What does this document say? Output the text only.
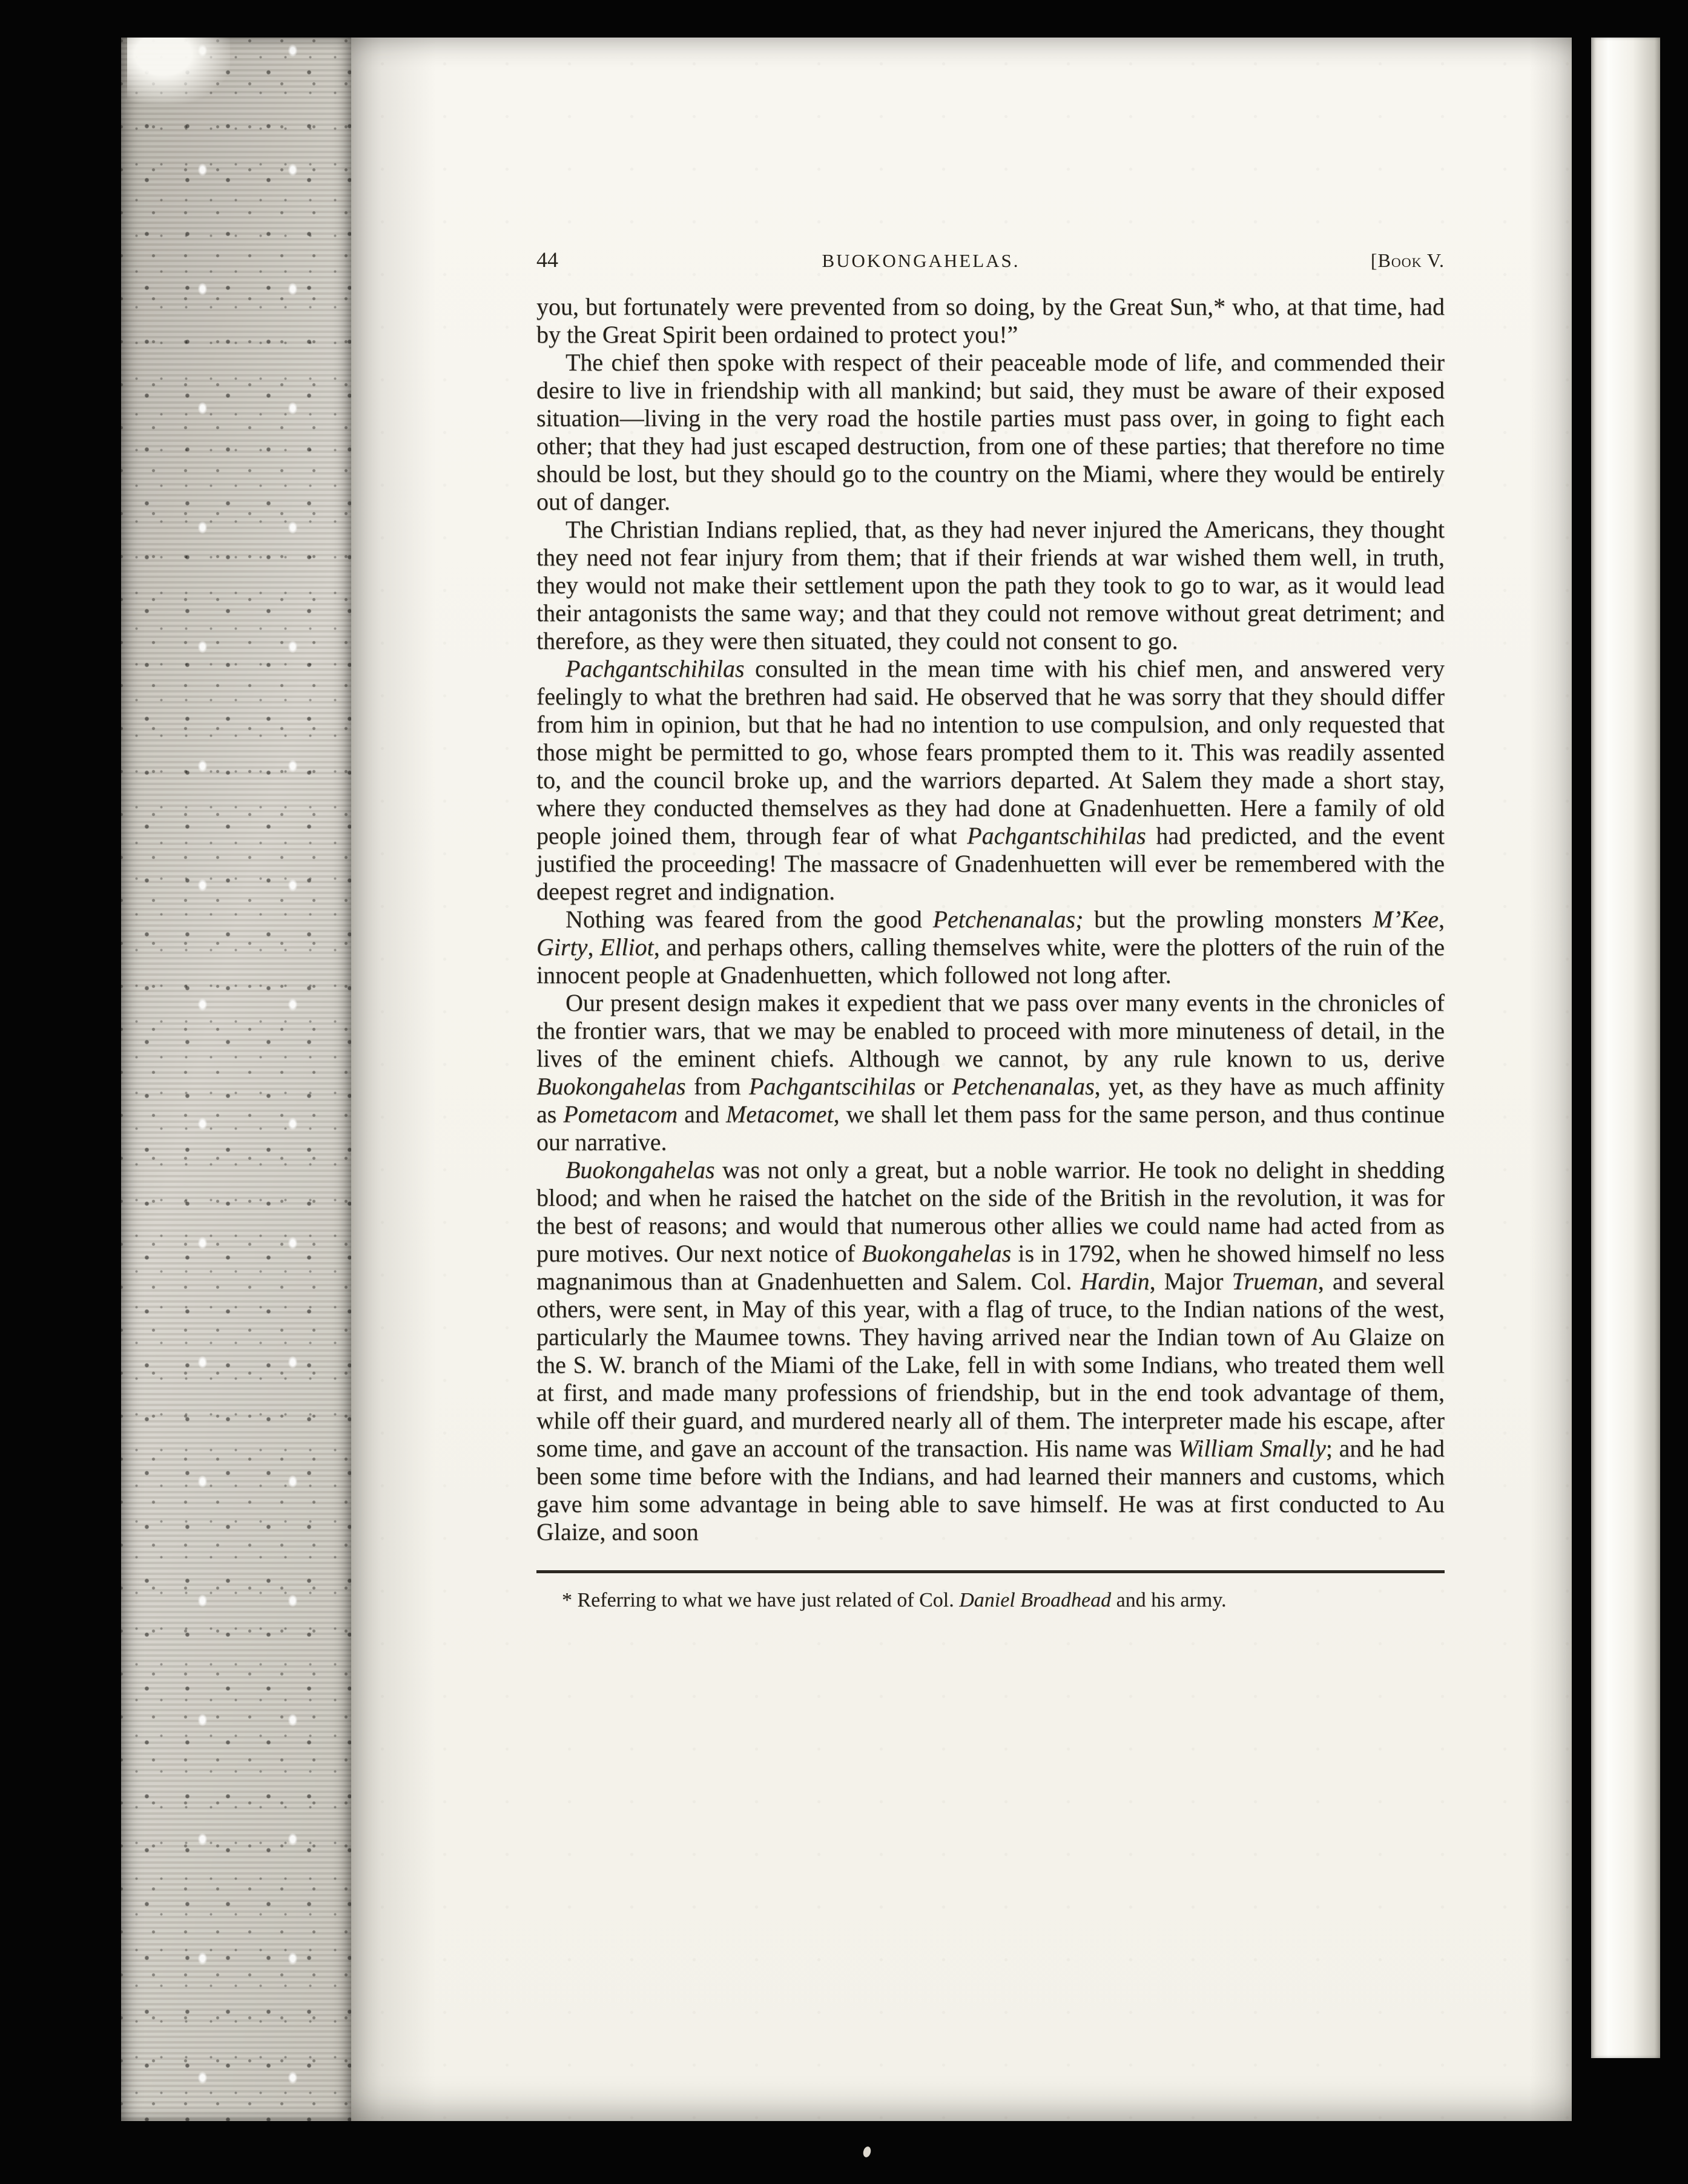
44	BUOKONGAHELAS.	[Book V.

you, but fortunately were prevented from so doing, by the Great Sun,* who, at that time, had by the Great Spirit been ordained to protect you!”

The chief then spoke with respect of their peaceable mode of life, and commended their desire to live in friendship with all mankind; but said, they must be aware of their exposed situation—living in the very road the hostile parties must pass over, in going to fight each other; that they had just escaped destruction, from one of these parties; that therefore no time should be lost, but they should go to the country on the Miami, where they would be entirely out of danger.

The Christian Indians replied, that, as they had never injured the Americans, they thought they need not fear injury from them; that if their friends at war wished them well, in truth, they would not make their settlement upon the path they took to go to war, as it would lead their antagonists the same way; and that they could not remove without great detriment; and therefore, as they were then situated, they could not consent to go.

Pachgantschihilas consulted in the mean time with his chief men, and answered very feelingly to what the brethren had said. He observed that he was sorry that they should differ from him in opinion, but that he had no intention to use compulsion, and only requested that those might be permitted to go, whose fears prompted them to it. This was readily assented to, and the council broke up, and the warriors departed. At Salem they made a short stay, where they conducted themselves as they had done at Gnadenhuetten. Here a family of old people joined them, through fear of what Pachgantschihilas had predicted, and the event justified the proceeding! The massacre of Gnadenhuetten will ever be remembered with the deepest regret and indignation.

Nothing was feared from the good Petchenanalas; but the prowling monsters M’Kee, Girty, Elliot, and perhaps others, calling themselves white, were the plotters of the ruin of the innocent people at Gnadenhuetten, which followed not long after.

Our present design makes it expedient that we pass over many events in the chronicles of the frontier wars, that we may be enabled to proceed with more minuteness of detail, in the lives of the eminent chiefs. Although we cannot, by any rule known to us, derive Buokongahelas from Pachgantscihilas or Petchenanalas, yet, as they have as much affinity as Pometacom and Metacomet, we shall let them pass for the same person, and thus continue our narrative.

Buokongahelas was not only a great, but a noble warrior. He took no delight in shedding blood; and when he raised the hatchet on the side of the British in the revolution, it was for the best of reasons; and would that numerous other allies we could name had acted from as pure motives. Our next notice of Buokongahelas is in 1792, when he showed himself no less magnanimous than at Gnadenhuetten and Salem. Col. Hardin, Major Trueman, and several others, were sent, in May of this year, with a flag of truce, to the Indian nations of the west, particularly the Maumee towns. They having arrived near the Indian town of Au Glaize on the S. W. branch of the Miami of the Lake, fell in with some Indians, who treated them well at first, and made many professions of friendship, but in the end took advantage of them, while off their guard, and murdered nearly all of them. The interpreter made his escape, after some time, and gave an account of the transaction. His name was William Smally; and he had been some time before with the Indians, and had learned their manners and customs, which gave him some advantage in being able to save himself. He was at first conducted to Au Glaize, and soon

* Referring to what we have just related of Col. Daniel Broadhead and his army.
